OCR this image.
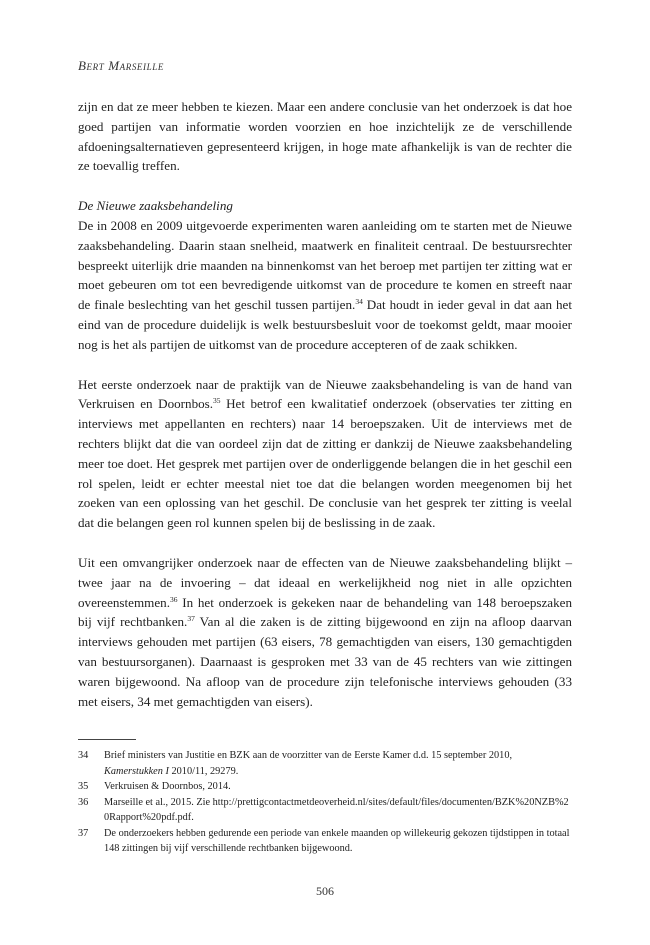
Bert Marseille

zijn en dat ze meer hebben te kiezen. Maar een andere conclusie van het onderzoek is dat hoe goed partijen van informatie worden voorzien en hoe inzichtelijk ze de verschillende afdoeningsalternatieven gepresenteerd krijgen, in hoge mate afhankelijk is van de rechter die ze toevallig treffen.

De Nieuwe zaaksbehandeling

De in 2008 en 2009 uitgevoerde experimenten waren aanleiding om te starten met de Nieuwe zaaksbehandeling. Daarin staan snelheid, maatwerk en finaliteit centraal. De bestuursrechter bespreekt uiterlijk drie maanden na binnenkomst van het beroep met partijen ter zitting wat er moet gebeuren om tot een bevredigende uitkomst van de procedure te komen en streeft naar de finale beslechting van het geschil tussen partijen.$^{34}$ Dat houdt in ieder geval in dat aan het eind van de procedure duidelijk is welk bestuursbesluit voor de toekomst geldt, maar mooier nog is het als partijen de uitkomst van de procedure accepteren of de zaak schikken.

Het eerste onderzoek naar de praktijk van de Nieuwe zaaksbehandeling is van de hand van Verkruisen en Doornbos.$^{35}$ Het betrof een kwalitatief onderzoek (observaties ter zitting en interviews met appellanten en rechters) naar 14 beroepszaken. Uit de interviews met de rechters blijkt dat die van oordeel zijn dat de zitting er dankzij de Nieuwe zaaksbehandeling meer toe doet. Het gesprek met partijen over de onderliggende belangen die in het geschil een rol spelen, leidt er echter meestal niet toe dat die belangen worden meegenomen bij het zoeken van een oplossing van het geschil. De conclusie van het gesprek ter zitting is veelal dat die belangen geen rol kunnen spelen bij de beslissing in de zaak.

Uit een omvangrijker onderzoek naar de effecten van de Nieuwe zaaksbehandeling blijkt – twee jaar na de invoering – dat ideaal en werkelijkheid nog niet in alle opzichten overeenstemmen.$^{36}$ In het onderzoek is gekeken naar de behandeling van 148 beroepszaken bij vijf rechtbanken.$^{37}$ Van al die zaken is de zitting bijgewoond en zijn na afloop daarvan interviews gehouden met partijen (63 eisers, 78 gemachtigden van eisers, 130 gemachtigden van bestuursorganen). Daarnaast is gesproken met 33 van de 45 rechters van wie zittingen waren bijgewoond. Na afloop van de procedure zijn telefonische interviews gehouden (33 met eisers, 34 met gemachtigden van eisers).

34	Brief ministers van Justitie en BZK aan de voorzitter van de Eerste Kamer d.d. 15 september 2010, Kamerstukken I 2010/11, 29279.
35	Verkruisen & Doornbos, 2014.
36	Marseille et al., 2015. Zie http://prettigcontactmetdeoverheid.nl/sites/default/files/documenten/BZK%20NZB%20Rapport%20pdf.pdf.
37	De onderzoekers hebben gedurende een periode van enkele maanden op willekeurig gekozen tijdstippen in totaal 148 zittingen bij vijf verschillende rechtbanken bijgewoond.
506
